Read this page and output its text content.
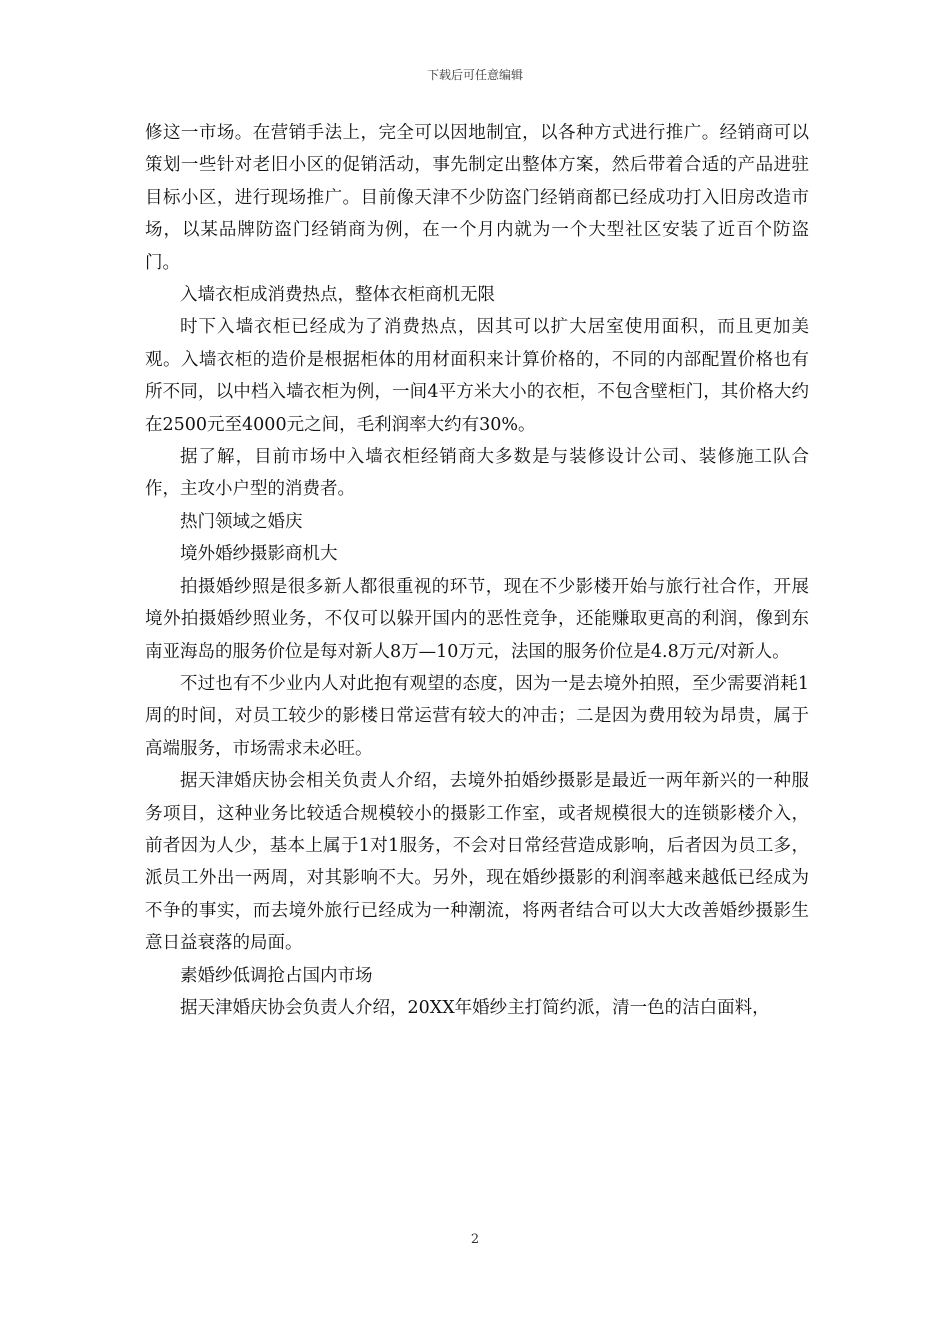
下载后可任意编辑

修这一市场。在营销手法上，完全可以因地制宜，以各种方式进行推广。经销商可以策划一些针对老旧小区的促销活动，事先制定出整体方案，然后带着合适的产品进驻目标小区，进行现场推广。目前像天津不少防盗门经销商都已经成功打入旧房改造市场，以某品牌防盗门经销商为例，在一个月内就为一个大型社区安装了近百个防盗门。

入墙衣柜成消费热点，整体衣柜商机无限

时下入墙衣柜已经成为了消费热点，因其可以扩大居室使用面积，而且更加美观。入墙衣柜的造价是根据柜体的用材面积来计算价格的，不同的内部配置价格也有所不同，以中档入墙衣柜为例，一间4平方米大小的衣柜，不包含壁柜门，其价格大约在2500元至4000元之间，毛利润率大约有30%。

据了解，目前市场中入墙衣柜经销商大多数是与装修设计公司、装修施工队合作，主攻小户型的消费者。

热门领域之婚庆

境外婚纱摄影商机大

拍摄婚纱照是很多新人都很重视的环节，现在不少影楼开始与旅行社合作，开展境外拍摄婚纱照业务，不仅可以躲开国内的恶性竞争，还能赚取更高的利润，像到东南亚海岛的服务价位是每对新人8万—10万元，法国的服务价位是4.8万元/对新人。

不过也有不少业内人对此抱有观望的态度，因为一是去境外拍照，至少需要消耗1周的时间，对员工较少的影楼日常运营有较大的冲击；二是因为费用较为昂贵，属于高端服务，市场需求未必旺。

据天津婚庆协会相关负责人介绍，去境外拍婚纱摄影是最近一两年新兴的一种服务项目，这种业务比较适合规模较小的摄影工作室，或者规模很大的连锁影楼介入，前者因为人少，基本上属于1对1服务，不会对日常经营造成影响，后者因为员工多，派员工外出一两周，对其影响不大。另外，现在婚纱摄影的利润率越来越低已经成为不争的事实，而去境外旅行已经成为一种潮流，将两者结合可以大大改善婚纱摄影生意日益衰落的局面。

素婚纱低调抢占国内市场

据天津婚庆协会负责人介绍，20XX年婚纱主打简约派，清一色的洁白面料，

2
